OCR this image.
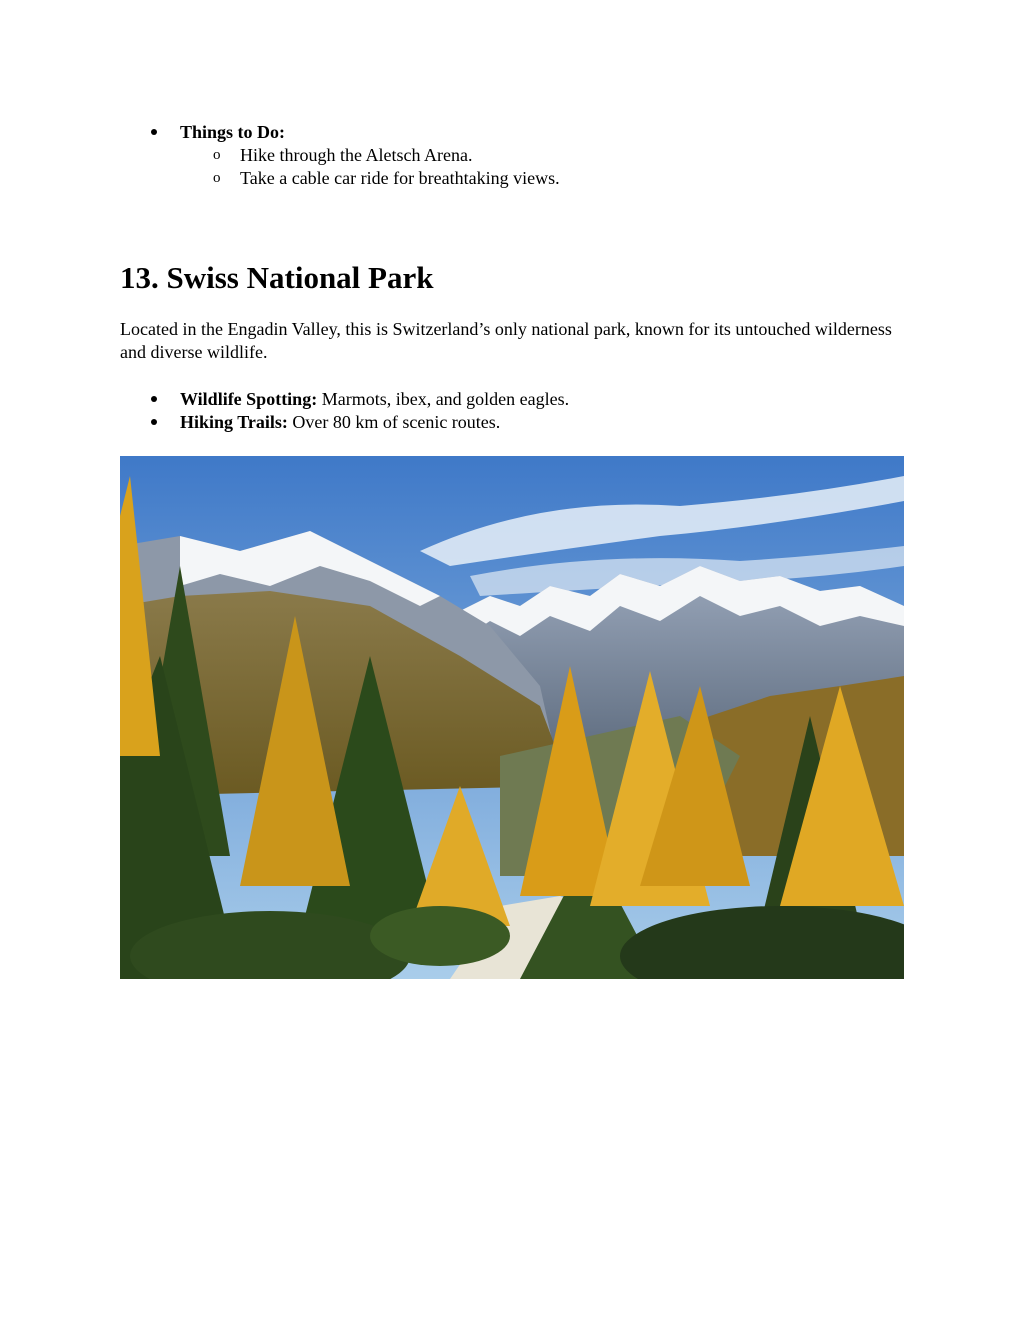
Things to Do:
o Hike through the Aletsch Arena.
o Take a cable car ride for breathtaking views.
13. Swiss National Park
Located in the Engadin Valley, this is Switzerland’s only national park, known for its untouched wilderness and diverse wildlife.
Wildlife Spotting: Marmots, ibex, and golden eagles.
Hiking Trails: Over 80 km of scenic routes.
